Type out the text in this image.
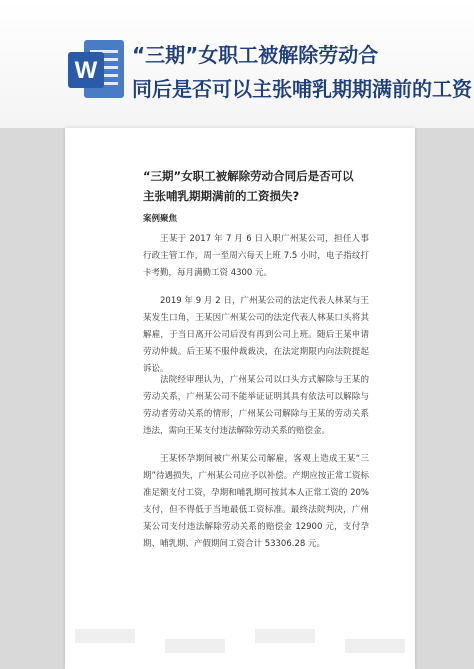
W
“三期”女职工被解除劳动合
同后是否可以主张哺乳期期满前的工资
“三期”女职工被解除劳动合同后是否可以主张哺乳期期满前的工资损失?
案例聚焦
王某于 2017 年 7 月 6 日入职广州某公司，担任人事行政主管工作，周一至周六每天上班 7.5 小时，电子指纹打卡考勤，每月满勤工资 4300 元。
2019 年 9 月 2 日，广州某公司的法定代表人林某与王某发生口角，王某因广州某公司的法定代表人林某口头将其解雇，于当日离开公司后没有再到公司上班。随后王某申请劳动仲裁。后王某不服仲裁裁决，在法定期限内向法院提起诉讼。
法院经审理认为，广州某公司以口头方式解除与王某的劳动关系，广州某公司不能举证证明其具有依法可以解除与劳动者劳动关系的情形，广州某公司解除与王某的劳动关系违法，需向王某支付违法解除劳动关系的赔偿金。
王某怀孕期间被广州某公司解雇，客观上造成王某“三期”待遇损失，广州某公司应予以补偿。产期应按正常工资标准足额支付工资，孕期和哺乳期可按其本人正常工资的 20%支付，但不得低于当地最低工资标准。最终法院判决，广州某公司支付违法解除劳动关系的赔偿金 12900 元，支付孕期、哺乳期、产假期间工资合计 53306.28 元。
